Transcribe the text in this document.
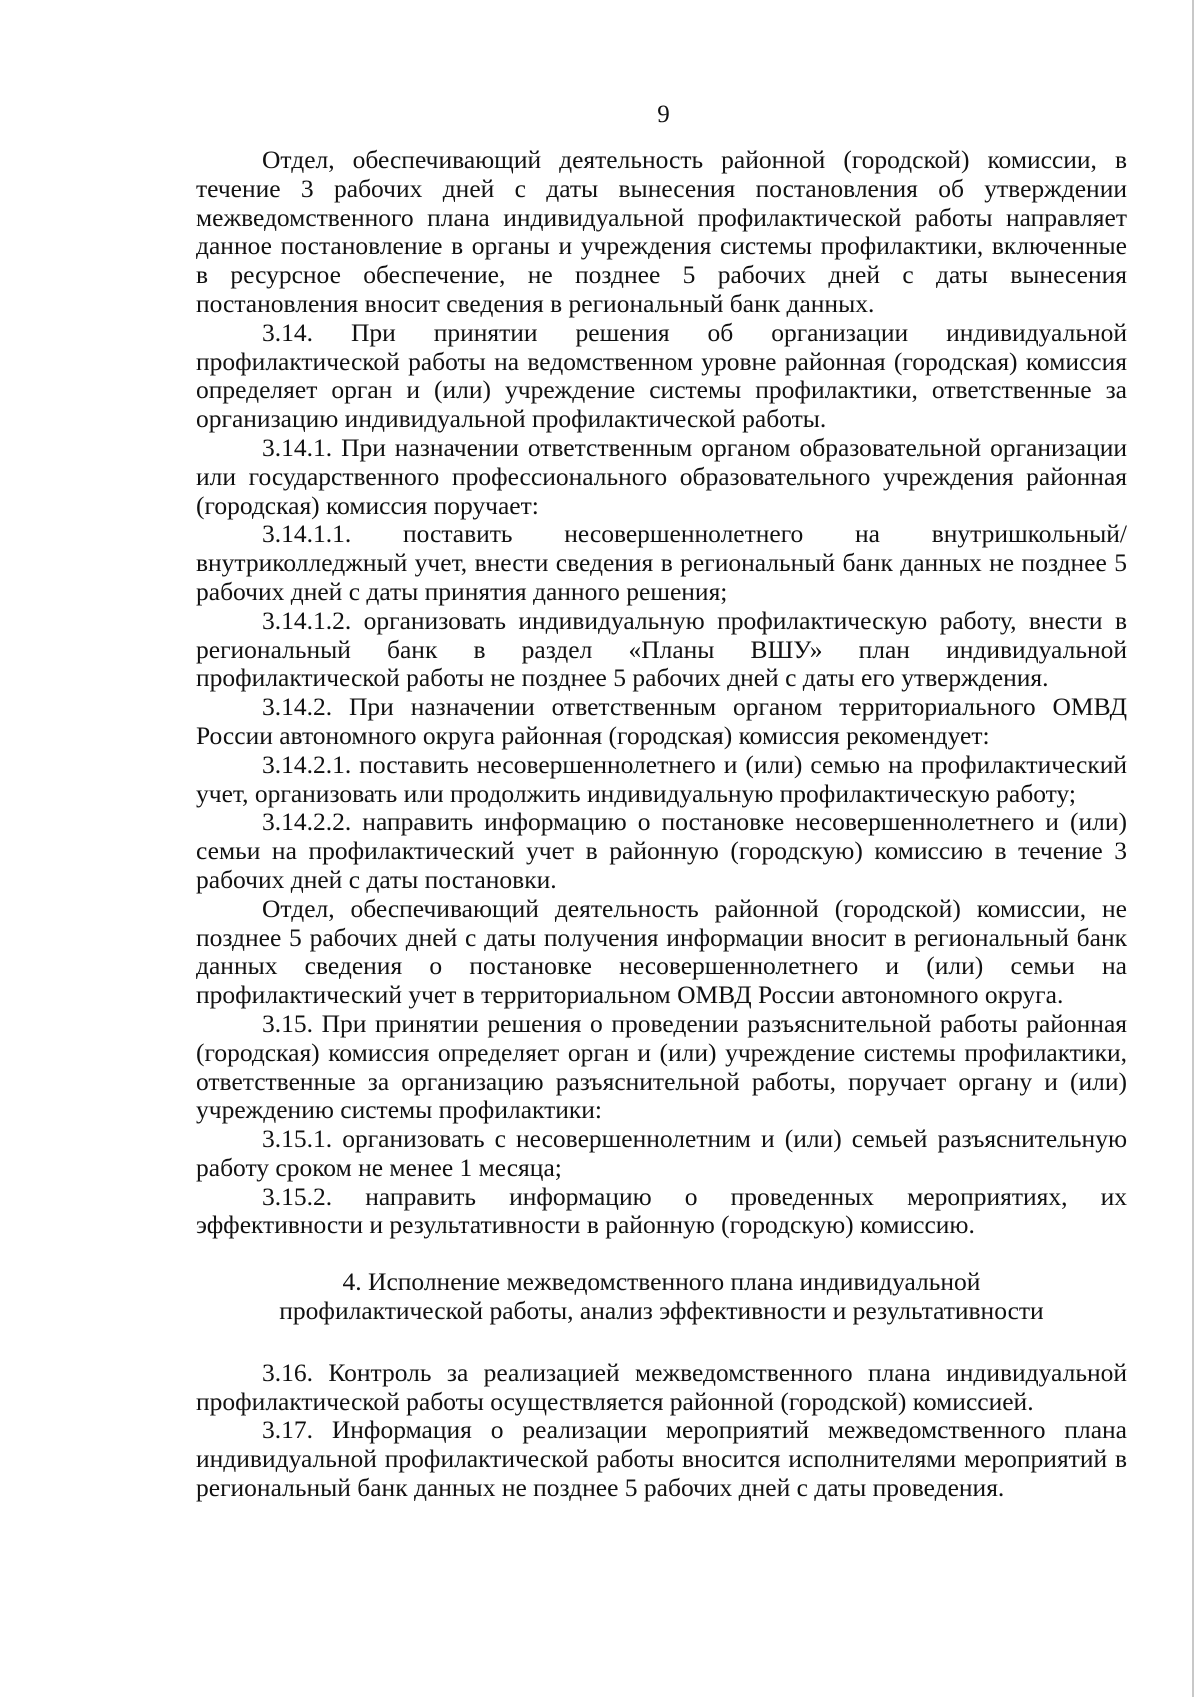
9

Отдел, обеспечивающий деятельность районной (городской) комиссии, в течение 3 рабочих дней с даты вынесения постановления об утверждении межведомственного плана индивидуальной профилактической работы направляет данное постановление в органы и учреждения системы профилактики, включенные в ресурсное обеспечение, не позднее 5 рабочих дней с даты вынесения постановления вносит сведения в региональный банк данных.

3.14. При принятии решения об организации индивидуальной профилактической работы на ведомственном уровне районная (городская) комиссия определяет орган и (или) учреждение системы профилактики, ответственные за организацию индивидуальной профилактической работы.

3.14.1. При назначении ответственным органом образовательной организации или государственного профессионального образовательного учреждения районная (городская) комиссия поручает:

3.14.1.1. поставить несовершеннолетнего на внутришкольный/ внутриколледжный учет, внести сведения в региональный банк данных не позднее 5 рабочих дней с даты принятия данного решения;

3.14.1.2. организовать индивидуальную профилактическую работу, внести в региональный банк в раздел «Планы ВШУ» план индивидуальной профилактической работы не позднее 5 рабочих дней с даты его утверждения.

3.14.2. При назначении ответственным органом территориального ОМВД России автономного округа районная (городская) комиссия рекомендует:

3.14.2.1. поставить несовершеннолетнего и (или) семью на профилактический учет, организовать или продолжить индивидуальную профилактическую работу;

3.14.2.2. направить информацию о постановке несовершеннолетнего и (или) семьи на профилактический учет в районную (городскую) комиссию в течение 3 рабочих дней с даты постановки.

Отдел, обеспечивающий деятельность районной (городской) комиссии, не позднее 5 рабочих дней с даты получения информации вносит в региональный банк данных сведения о постановке несовершеннолетнего и (или) семьи на профилактический учет в территориальном ОМВД России автономного округа.

3.15. При принятии решения о проведении разъяснительной работы районная (городская) комиссия определяет орган и (или) учреждение системы профилактики, ответственные за организацию разъяснительной работы, поручает органу и (или) учреждению системы профилактики:

3.15.1. организовать с несовершеннолетним и (или) семьей разъяснительную работу сроком не менее 1 месяца;

3.15.2. направить информацию о проведенных мероприятиях, их эффективности и результативности в районную (городскую) комиссию.

4. Исполнение межведомственного плана индивидуальной
профилактической работы, анализ эффективности и результативности

3.16. Контроль за реализацией межведомственного плана индивидуальной профилактической работы осуществляется районной (городской) комиссией.

3.17. Информация о реализации мероприятий межведомственного плана индивидуальной профилактической работы вносится исполнителями мероприятий в региональный банк данных не позднее 5 рабочих дней с даты проведения.
